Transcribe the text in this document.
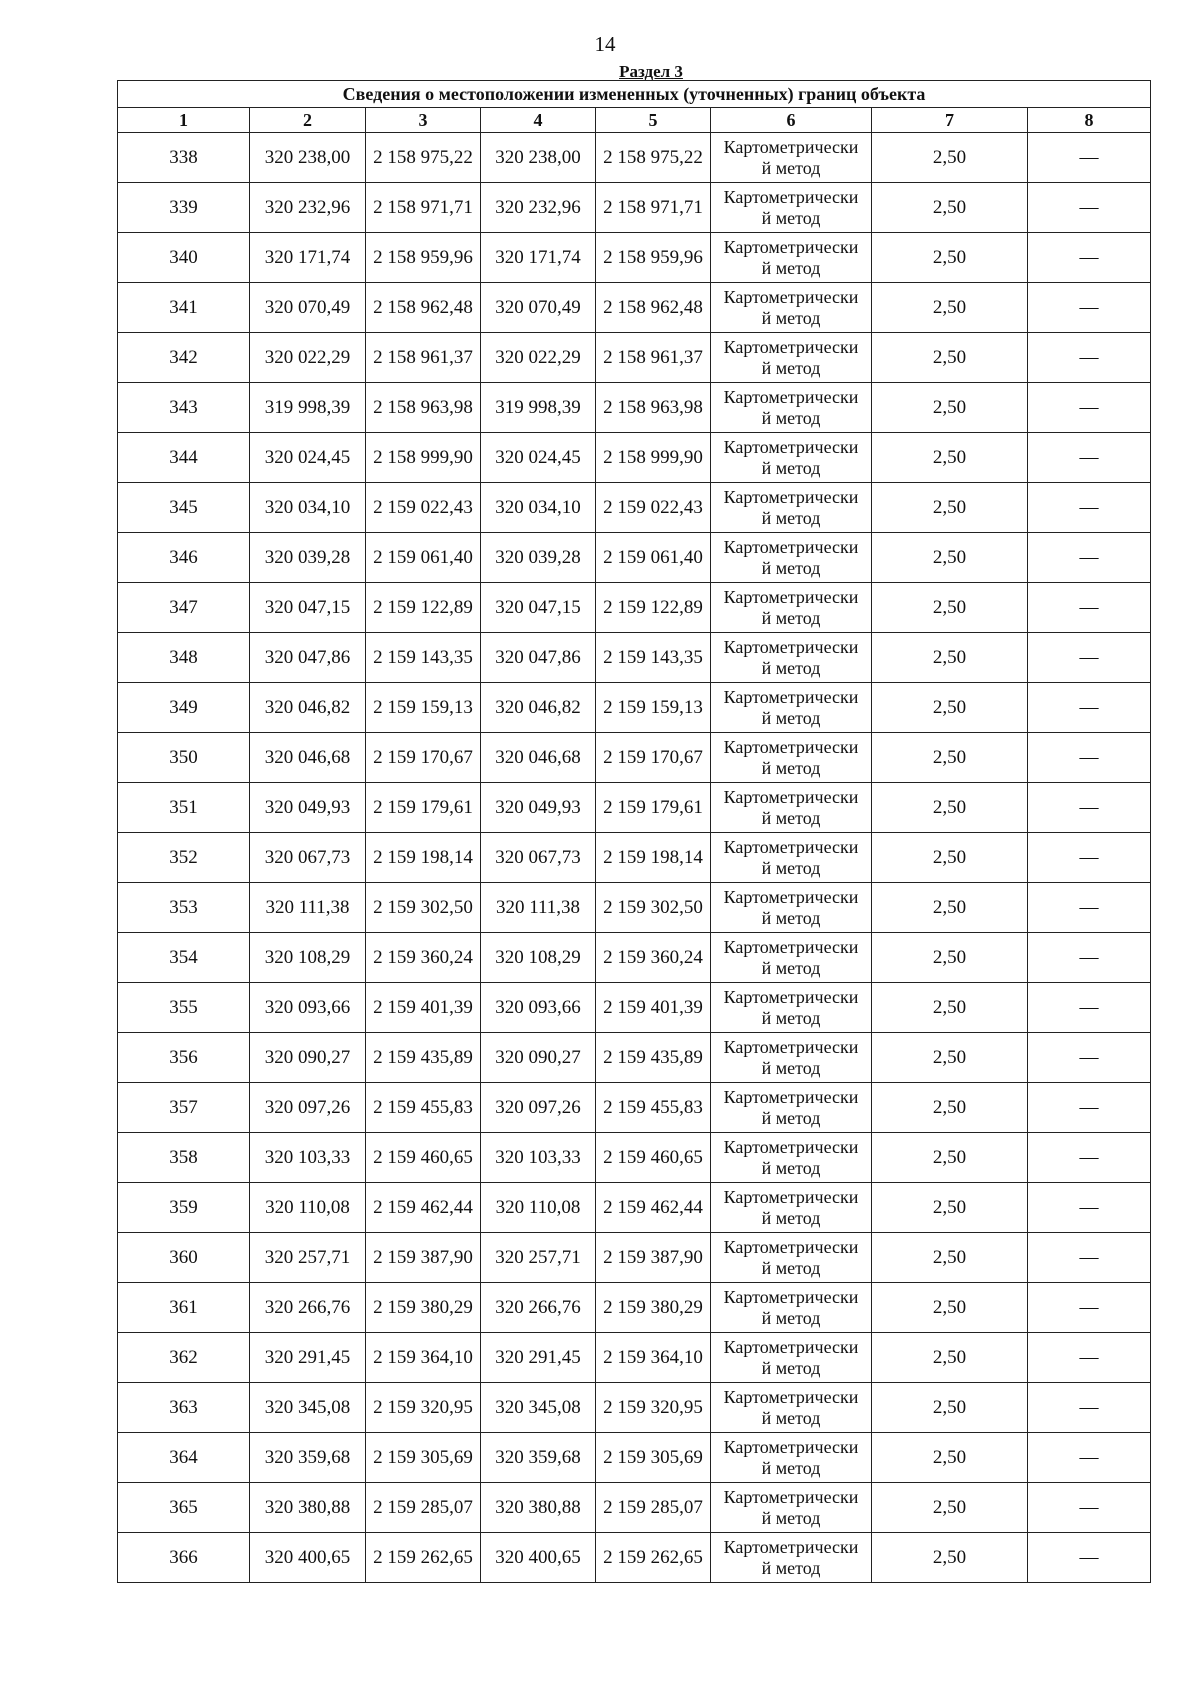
14
Раздел 3
Сведения о местоположении измененных (уточненных) границ объекта							
1	2	3	4	5	6	7	8
338	320 238,00	2 158 975,22	320 238,00	2 158 975,22	Картометрически
й метод	2,50	—
339	320 232,96	2 158 971,71	320 232,96	2 158 971,71	Картометрически
й метод	2,50	—
340	320 171,74	2 158 959,96	320 171,74	2 158 959,96	Картометрически
й метод	2,50	—
341	320 070,49	2 158 962,48	320 070,49	2 158 962,48	Картометрически
й метод	2,50	—
342	320 022,29	2 158 961,37	320 022,29	2 158 961,37	Картометрически
й метод	2,50	—
343	319 998,39	2 158 963,98	319 998,39	2 158 963,98	Картометрически
й метод	2,50	—
344	320 024,45	2 158 999,90	320 024,45	2 158 999,90	Картометрически
й метод	2,50	—
345	320 034,10	2 159 022,43	320 034,10	2 159 022,43	Картометрически
й метод	2,50	—
346	320 039,28	2 159 061,40	320 039,28	2 159 061,40	Картометрически
й метод	2,50	—
347	320 047,15	2 159 122,89	320 047,15	2 159 122,89	Картометрически
й метод	2,50	—
348	320 047,86	2 159 143,35	320 047,86	2 159 143,35	Картометрически
й метод	2,50	—
349	320 046,82	2 159 159,13	320 046,82	2 159 159,13	Картометрически
й метод	2,50	—
350	320 046,68	2 159 170,67	320 046,68	2 159 170,67	Картометрически
й метод	2,50	—
351	320 049,93	2 159 179,61	320 049,93	2 159 179,61	Картометрически
й метод	2,50	—
352	320 067,73	2 159 198,14	320 067,73	2 159 198,14	Картометрически
й метод	2,50	—
353	320 111,38	2 159 302,50	320 111,38	2 159 302,50	Картометрически
й метод	2,50	—
354	320 108,29	2 159 360,24	320 108,29	2 159 360,24	Картометрически
й метод	2,50	—
355	320 093,66	2 159 401,39	320 093,66	2 159 401,39	Картометрически
й метод	2,50	—
356	320 090,27	2 159 435,89	320 090,27	2 159 435,89	Картометрически
й метод	2,50	—
357	320 097,26	2 159 455,83	320 097,26	2 159 455,83	Картометрически
й метод	2,50	—
358	320 103,33	2 159 460,65	320 103,33	2 159 460,65	Картометрически
й метод	2,50	—
359	320 110,08	2 159 462,44	320 110,08	2 159 462,44	Картометрически
й метод	2,50	—
360	320 257,71	2 159 387,90	320 257,71	2 159 387,90	Картометрически
й метод	2,50	—
361	320 266,76	2 159 380,29	320 266,76	2 159 380,29	Картометрически
й метод	2,50	—
362	320 291,45	2 159 364,10	320 291,45	2 159 364,10	Картометрически
й метод	2,50	—
363	320 345,08	2 159 320,95	320 345,08	2 159 320,95	Картометрически
й метод	2,50	—
364	320 359,68	2 159 305,69	320 359,68	2 159 305,69	Картометрически
й метод	2,50	—
365	320 380,88	2 159 285,07	320 380,88	2 159 285,07	Картометрически
й метод	2,50	—
366	320 400,65	2 159 262,65	320 400,65	2 159 262,65	Картометрически
й метод	2,50	—
